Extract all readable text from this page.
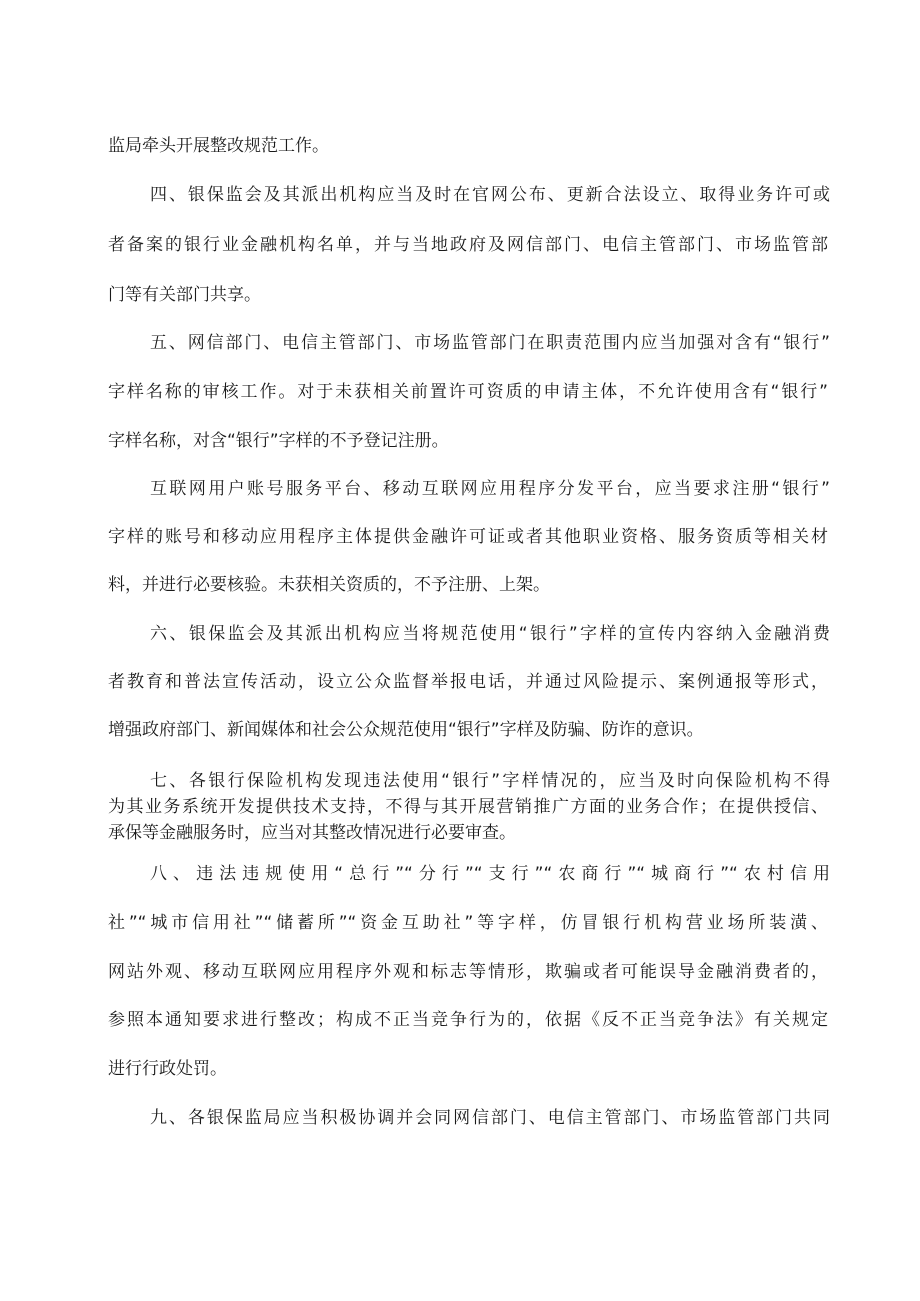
监局牵头开展整改规范工作。
四、银保监会及其派出机构应当及时在官网公布、更新合法设立、取得业务许可或
者备案的银行业金融机构名单，并与当地政府及网信部门、电信主管部门、市场监管部
门等有关部门共享。
五、网信部门、电信主管部门、市场监管部门在职责范围内应当加强对含有“银行”
字样名称的审核工作。对于未获相关前置许可资质的申请主体，不允许使用含有“银行”
字样名称，对含“银行”字样的不予登记注册。
互联网用户账号服务平台、移动互联网应用程序分发平台，应当要求注册“银行”
字样的账号和移动应用程序主体提供金融许可证或者其他职业资格、服务资质等相关材
料，并进行必要核验。未获相关资质的，不予注册、上架。
六、银保监会及其派出机构应当将规范使用“银行”字样的宣传内容纳入金融消费
者教育和普法宣传活动，设立公众监督举报电话，并通过风险提示、案例通报等形式，
增强政府部门、新闻媒体和社会公众规范使用“银行”字样及防骗、防诈的意识。
七、各银行保险机构发现违法使用“银行”字样情况的，应当及时向保险机构不得
为其业务系统开发提供技术支持，不得与其开展营销推广方面的业务合作；在提供授信、
承保等金融服务时，应当对其整改情况进行必要审查。
八、违法违规使用“总行”“分行”“支行”“农商行”“城商行”“农村信用
社”“城市信用社”“储蓄所”“资金互助社”等字样，仿冒银行机构营业场所装潢、
网站外观、移动互联网应用程序外观和标志等情形，欺骗或者可能误导金融消费者的，
参照本通知要求进行整改；构成不正当竞争行为的，依据《反不正当竞争法》有关规定
进行行政处罚。
九、各银保监局应当积极协调并会同网信部门、电信主管部门、市场监管部门共同
